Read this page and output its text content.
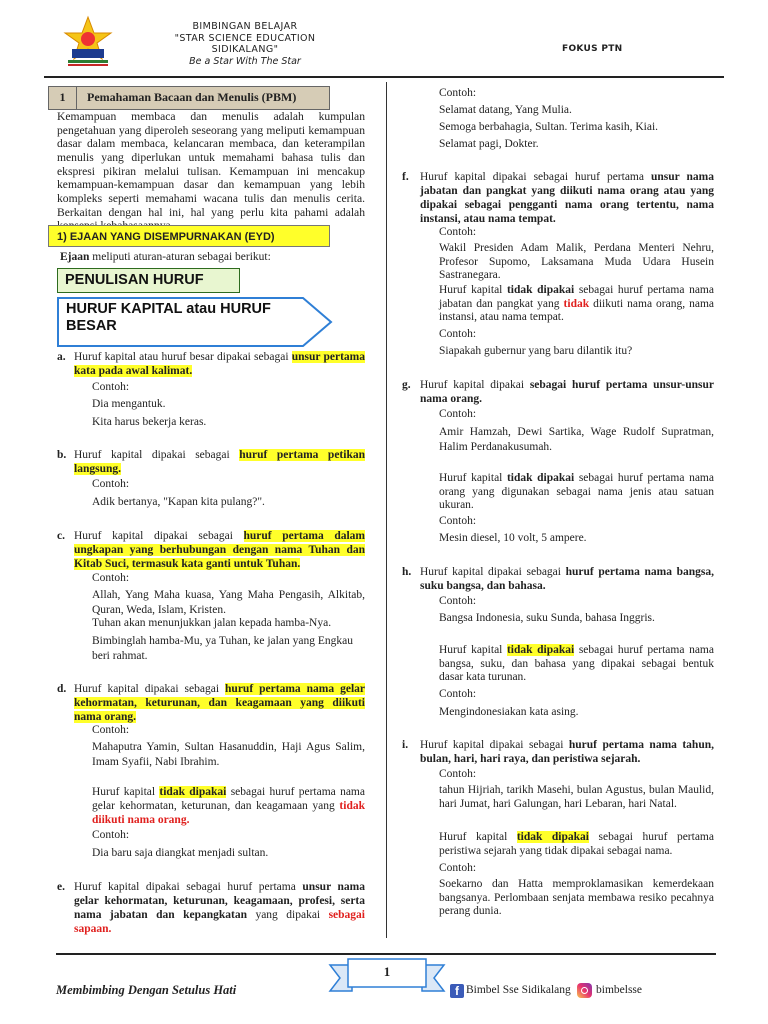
BIMBINGAN BELAJAR
"STAR SCIENCE EDUCATION
SIDIKALANG"
Be a Star With The Star
FOKUS PTN
1	Pemahaman Bacaan dan Menulis (PBM)
Kemampuan membaca dan menulis adalah kumpulan pengetahuan yang diperoleh seseorang yang meliputi kemampuan dasar dalam membaca, kelancaran membaca, dan keterampilan menulis yang diperlukan untuk memahami bahasa tulis dan ekspresi pikiran melalui tulisan. Kemampuan ini mencakup kemampuan-kemampuan dasar dan kemampuan yang lebih kompleks seperti memahami wacana tulis dan menulis cerita. Berkaitan dengan hal ini, hal yang perlu kita pahami adalah
1) EJAAN YANG DISEMPURNAKAN (EYD)
Ejaan meliputi aturan-aturan sebagai berikut:
PENULISAN HURUF
HURUF KAPITAL atau HURUF BESAR
a. Huruf kapital atau huruf besar dipakai sebagai unsur pertama kata pada awal kalimat.
Contoh:
Dia mengantuk.
Kita harus bekerja keras.
b. Huruf kapital dipakai sebagai huruf pertama petikan langsung.
Contoh:
Adik bertanya, "Kapan kita pulang?".
c. Huruf kapital dipakai sebagai huruf pertama dalam ungkapan yang berhubungan dengan nama Tuhan dan Kitab Suci, termasuk kata ganti untuk Tuhan.
Contoh:
Allah, Yang Maha kuasa, Yang Maha Pengasih, Alkitab, Quran, Weda, Islam, Kristen.
Tuhan akan menunjukkan jalan kepada hamba-Nya.
Bimbinglah hamba-Mu, ya Tuhan, ke jalan yang Engkau beri rahmat.
d. Huruf kapital dipakai sebagai huruf pertama nama gelar kehormatan, keturunan, dan keagamaan yang diikuti nama orang.
Contoh:
Mahaputra Yamin, Sultan Hasanuddin, Haji Agus Salim, Imam Syafii, Nabi Ibrahim.
Huruf kapital tidak dipakai sebagai huruf pertama nama gelar kehormatan, keturunan, dan keagamaan yang tidak diikuti nama orang.
Contoh:
Dia baru saja diangkat menjadi sultan.
e. Huruf kapital dipakai sebagai huruf pertama unsur nama gelar kehormatan, keturunan, keagamaan, profesi, serta nama jabatan dan kepangkatan yang dipakai sebagai sapaan.
Contoh:
Selamat datang, Yang Mulia.
Semoga berbahagia, Sultan. Terima kasih, Kiai.
Selamat pagi, Dokter.
f. Huruf kapital dipakai sebagai huruf pertama unsur nama jabatan dan pangkat yang diikuti nama orang atau yang dipakai sebagai pengganti nama orang tertentu, nama instansi, atau nama tempat.
Contoh:
Wakil Presiden Adam Malik, Perdana Menteri Nehru, Profesor Supomo, Laksamana Muda Udara Husein Sastranegara.
Huruf kapital tidak dipakai sebagai huruf pertama nama jabatan dan pangkat yang tidak diikuti nama orang, nama instansi, atau nama tempat.
Contoh:
Siapakah gubernur yang baru dilantik itu?
g. Huruf kapital dipakai sebagai huruf pertama unsur-unsur nama orang.
Contoh:
Amir Hamzah, Dewi Sartika, Wage Rudolf Supratman, Halim Perdanakusumah.
Huruf kapital tidak dipakai sebagai huruf pertama nama orang yang digunakan sebagai nama jenis atau satuan ukuran.
Contoh:
Mesin diesel, 10 volt, 5 ampere.
h. Huruf kapital dipakai sebagai huruf pertama nama bangsa, suku bangsa, dan bahasa.
Contoh:
Bangsa Indonesia, suku Sunda, bahasa Inggris.
Huruf kapital tidak dipakai sebagai huruf pertama nama bangsa, suku, dan bahasa yang dipakai sebagai bentuk dasar kata turunan.
Contoh:
Mengindonesiakan kata asing.
i. Huruf kapital dipakai sebagai huruf pertama nama tahun, bulan, hari, hari raya, dan peristiwa sejarah.
Contoh:
tahun Hijriah, tarikh Masehi, bulan Agustus, bulan Maulid, hari Jumat, hari Galungan, hari Lebaran, hari Natal.
Huruf kapital tidak dipakai sebagai huruf pertama peristiwa sejarah yang tidak dipakai sebagai nama.
Contoh:
Soekarno dan Hatta memproklamasikan kemerdekaan bangsanya. Perlombaan senjata membawa resiko pecahnya perang dunia.
1
Membimbing Dengan Setulus Hati	f Bimbel Sse Sidikalang bimbelsse
